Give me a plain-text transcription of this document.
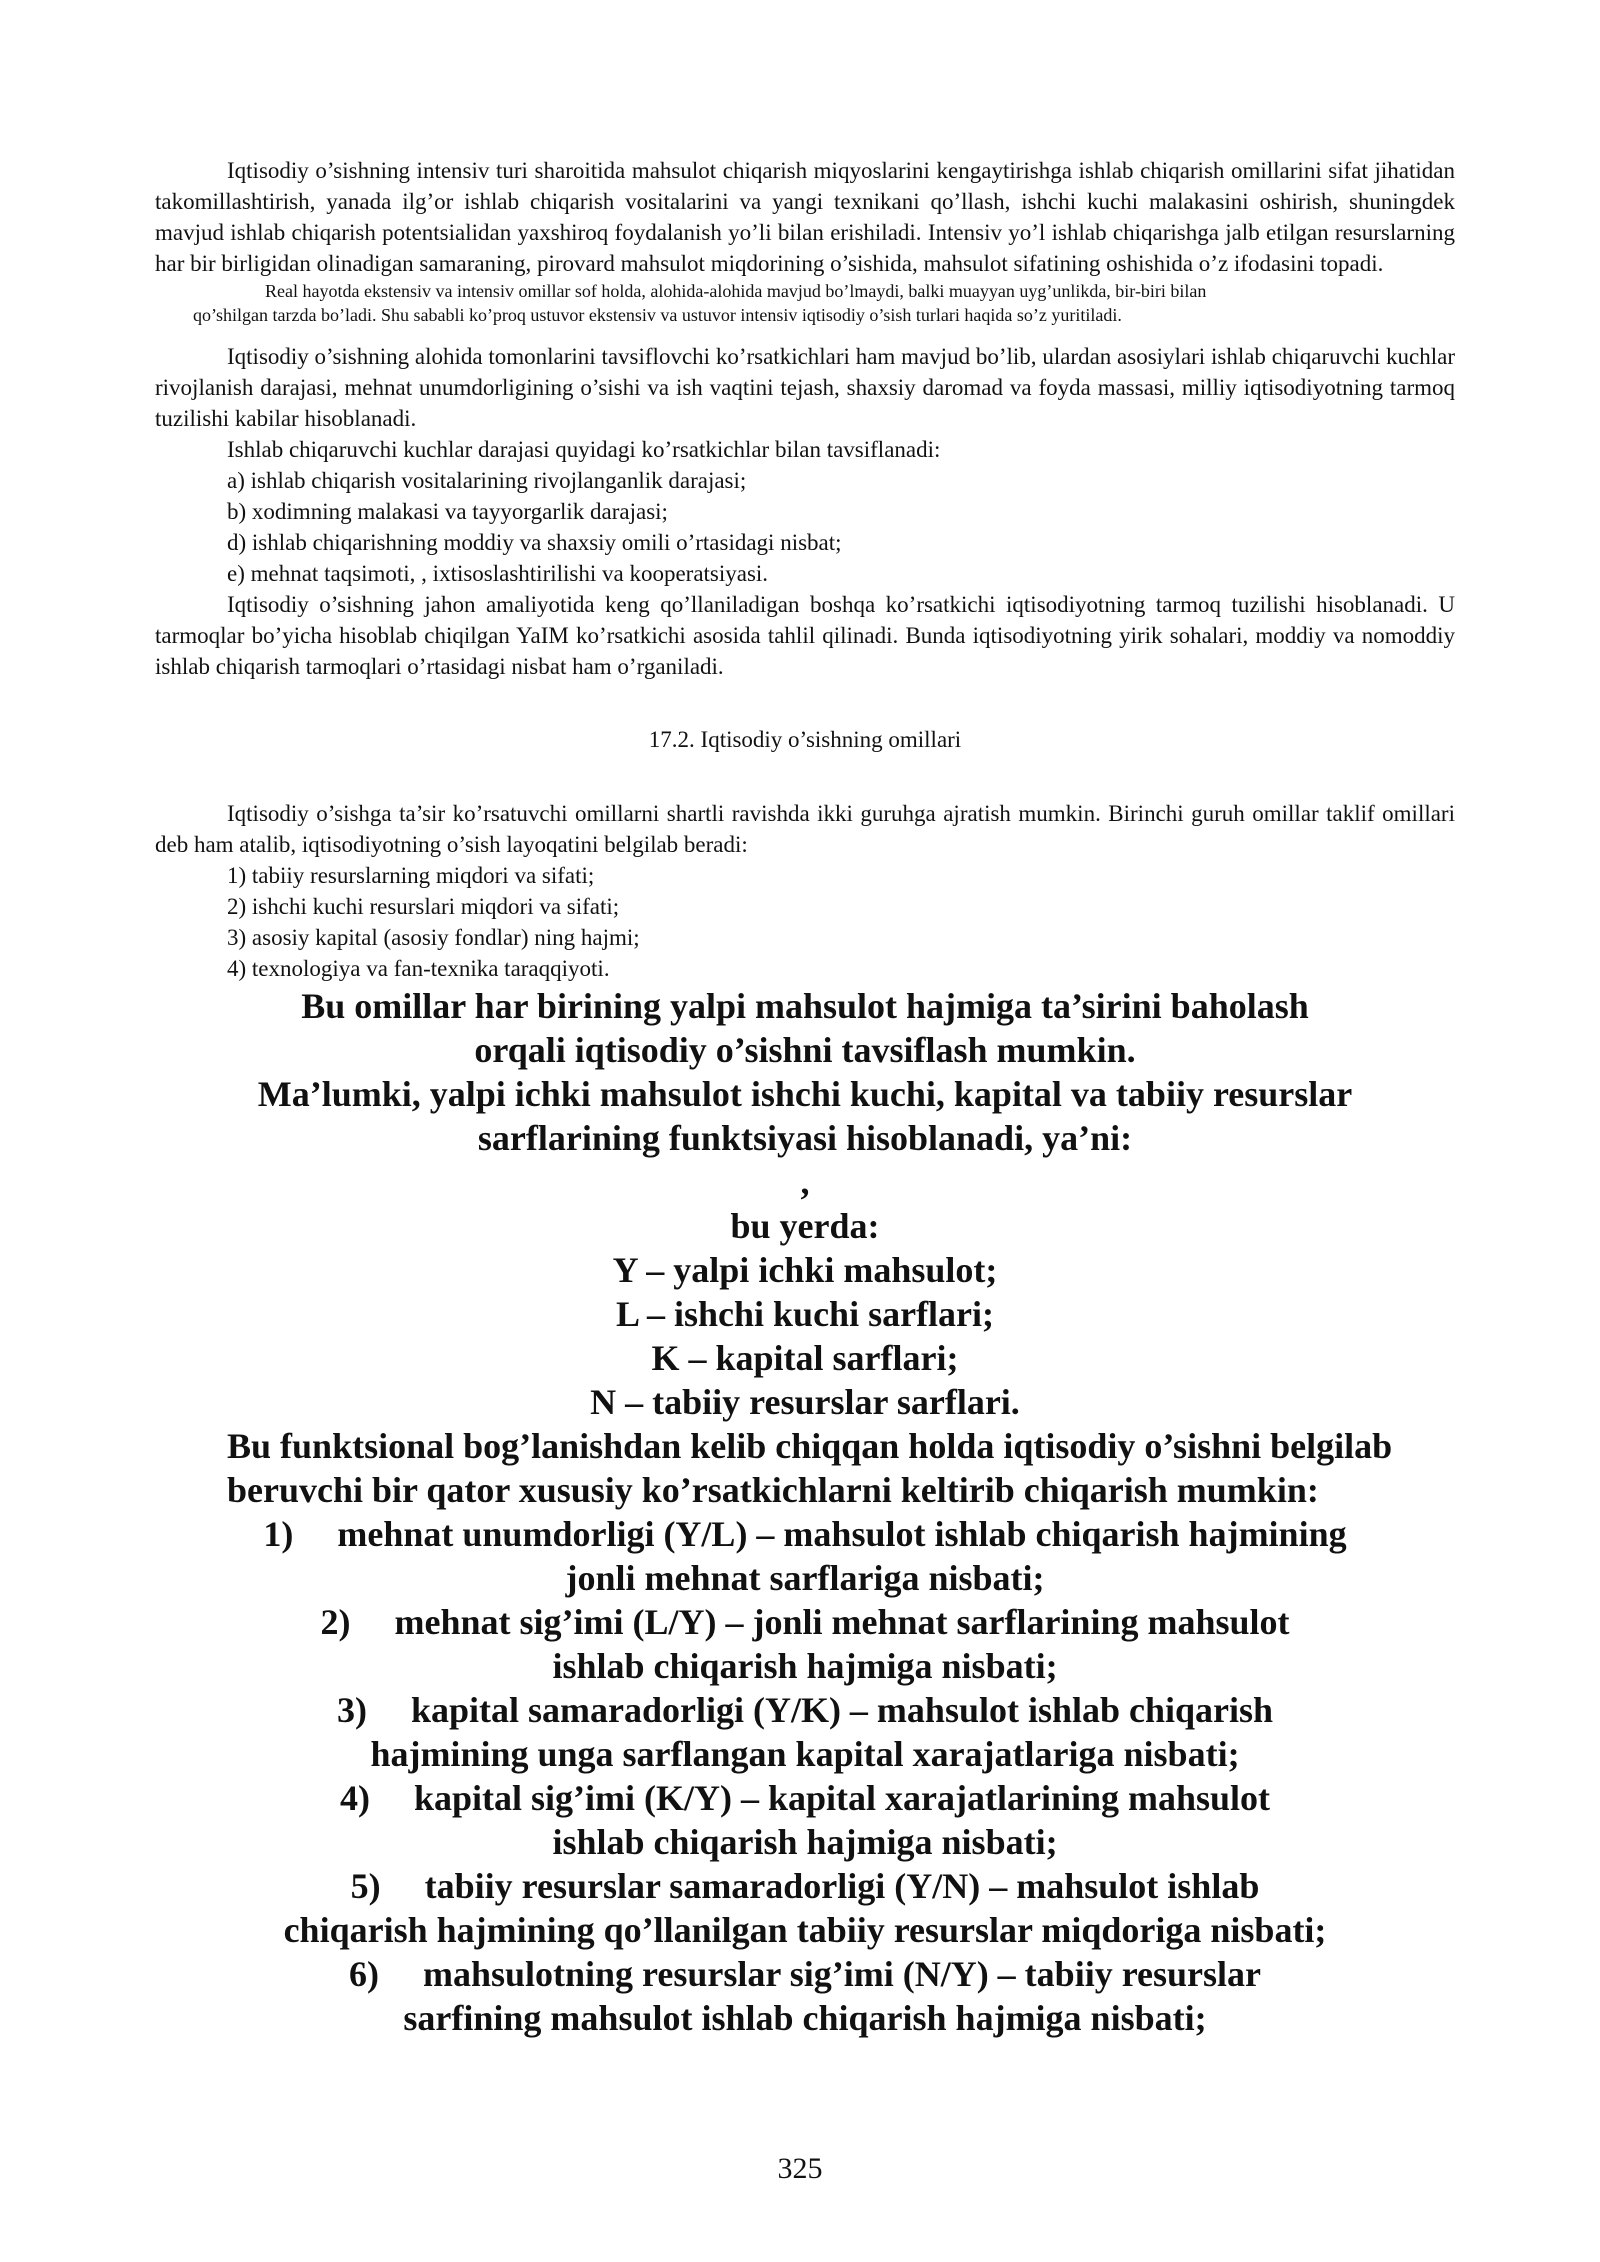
Iqtisodiy o’sishning intensiv turi sharoitida mahsulot chiqarish miqyoslarini kengaytirishga ishlab chiqarish omillarini sifat jihatidan takomillashtirish, yanada ilg’or ishlab chiqarish vositalarini va yangi texnikani qo’llash, ishchi kuchi malakasini oshirish, shuningdek mavjud ishlab chiqarish potentsialidan yaxshiroq foydalanish yo’li bilan erishiladi. Intensiv yo’l ishlab chiqarishga jalb etilgan resurslarning har bir birligidan olinadigan samaraning, pirovard mahsulot miqdorining o’sishida, mahsulot sifatining oshishida o’z ifodasini topadi.

Real hayotda ekstensiv va intensiv omillar sof holda, alohida-alohida mavjud bo’lmaydi, balki muayyan uyg’unlikda, bir-biri bilan
qo’shilgan tarzda bo’ladi. Shu sababli ko’proq ustuvor ekstensiv va ustuvor intensiv iqtisodiy o’sish turlari haqida so’z yuritiladi.

Iqtisodiy o’sishning alohida tomonlarini tavsiflovchi ko’rsatkichlari ham mavjud bo’lib, ulardan asosiylari ishlab chiqaruvchi kuchlar rivojlanish darajasi, mehnat unumdorligining o’sishi va ish vaqtini tejash, shaxsiy daromad va foyda massasi, milliy iqtisodiyotning tarmoq tuzilishi kabilar hisoblanadi.

Ishlab chiqaruvchi kuchlar darajasi quyidagi ko’rsatkichlar bilan tavsiflanadi:

a) ishlab chiqarish vositalarining rivojlanganlik darajasi;

b) xodimning malakasi va tayyorgarlik darajasi;

d) ishlab chiqarishning moddiy va shaxsiy omili o’rtasidagi nisbat;

e) mehnat taqsimoti, , ixtisoslashtirilishi va kooperatsiyasi.

Iqtisodiy o’sishning jahon amaliyotida keng qo’llaniladigan boshqa ko’rsatkichi iqtisodiyotning tarmoq tuzilishi hisoblanadi. U tarmoqlar bo’yicha hisoblab chiqilgan YaIM ko’rsatkichi asosida tahlil qilinadi. Bunda iqtisodiyotning yirik sohalari, moddiy va nomoddiy ishlab chiqarish tarmoqlari o’rtasidagi nisbat ham o’rganiladi.

17.2. Iqtisodiy o’sishning omillari

Iqtisodiy o’sishga ta’sir ko’rsatuvchi omillarni shartli ravishda ikki guruhga ajratish mumkin. Birinchi guruh omillar taklif omillari deb ham atalib, iqtisodiyotning o’sish layoqatini belgilab beradi:

1) tabiiy resurslarning miqdori va sifati;

2) ishchi kuchi resurslari miqdori va sifati;

3) asosiy kapital (asosiy fondlar) ning hajmi;

4) texnologiya va fan-texnika taraqqiyoti.

Bu omillar har birining yalpi mahsulot hajmiga ta’sirini baholash orqali iqtisodiy o’sishni tavsiflash mumkin.

Ma’lumki, yalpi ichki mahsulot ishchi kuchi, kapital va tabiiy resurslar sarflarining funktsiyasi hisoblanadi, ya’ni:

,

bu yerda:

Y – yalpi ichki mahsulot;

L – ishchi kuchi sarflari;

K – kapital sarflari;

N – tabiiy resurslar sarflari.

Bu funktsional bog’lanishdan kelib chiqqan holda iqtisodiy o’sishni belgilab beruvchi bir qator xususiy ko’rsatkichlarni keltirib chiqarish mumkin:

1) mehnat unumdorligi (Y/L) – mahsulot ishlab chiqarish hajmining jonli mehnat sarflariga nisbati;

2) mehnat sig’imi (L/Y) – jonli mehnat sarflarining mahsulot ishlab chiqarish hajmiga nisbati;

3) kapital samaradorligi (Y/K) – mahsulot ishlab chiqarish hajmining unga sarflangan kapital xarajatlariga nisbati;

4) kapital sig’imi (K/Y) – kapital xarajatlarining mahsulot ishlab chiqarish hajmiga nisbati;

5) tabiiy resurslar samaradorligi (Y/N) – mahsulot ishlab chiqarish hajmining qo’llanilgan tabiiy resurslar miqdoriga nisbati;

6) mahsulotning resurslar sig’imi (N/Y) – tabiiy resurslar sarfining mahsulot ishlab chiqarish hajmiga nisbati;

325
